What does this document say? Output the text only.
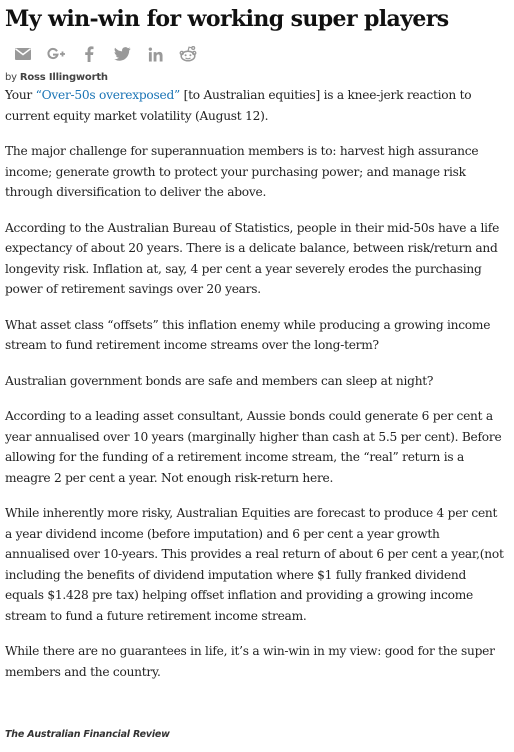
My win-win for working super players
by Ross Illingworth

Your “Over-50s overexposed” [to Australian equities] is a knee-jerk reaction to current equity market volatility (August 12).

The major challenge for superannuation members is to: harvest high assurance income; generate growth to protect your purchasing power; and manage risk through diversification to deliver the above.

According to the Australian Bureau of Statistics, people in their mid-50s have a life expectancy of about 20 years. There is a delicate balance, between risk/return and longevity risk. Inflation at, say, 4 per cent a year severely erodes the purchasing power of retirement savings over 20 years.

What asset class “offsets” this inflation enemy while producing a growing income stream to fund retirement income streams over the long-term?

Australian government bonds are safe and members can sleep at night?

According to a leading asset consultant, Aussie bonds could generate 6 per cent a year annualised over 10 years (marginally higher than cash at 5.5 per cent). Before allowing for the funding of a retirement income stream, the “real” return is a meagre 2 per cent a year. Not enough risk-return here.

While inherently more risky, Australian Equities are forecast to produce 4 per cent a year dividend income (before imputation) and 6 per cent a year growth annualised over 10-years. This provides a real return of about 6 per cent a year,(not including the benefits of dividend imputation where $1 fully franked dividend equals $1.428 pre tax) helping offset inflation and providing a growing income stream to fund a future retirement income stream.

While there are no guarantees in life, it’s a win-win in my view: good for the super members and the country.

The Australian Financial Review
